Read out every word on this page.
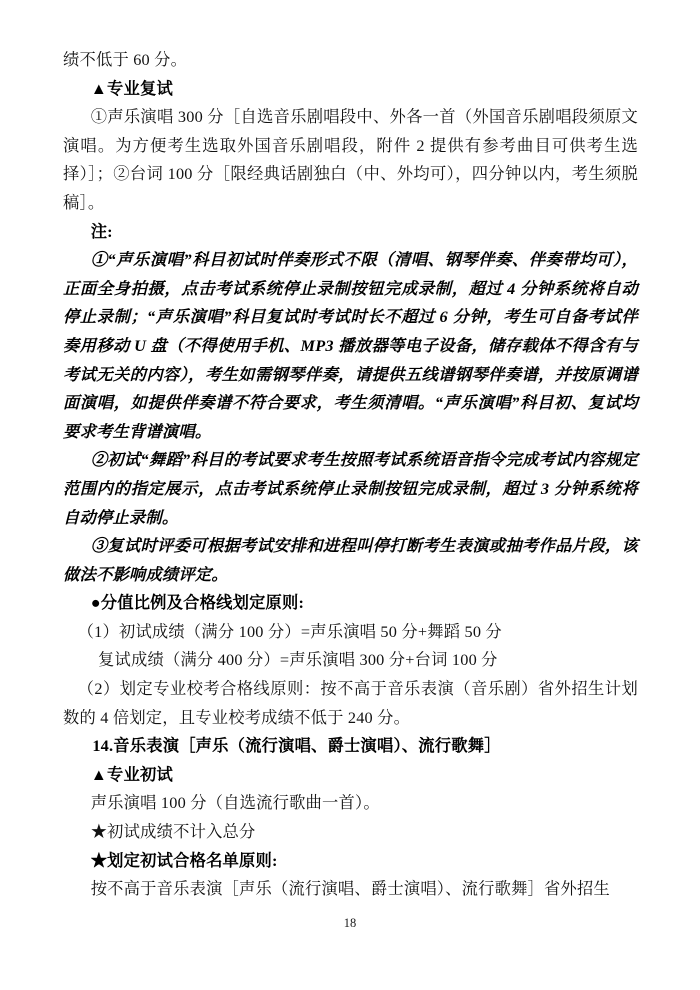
绩不低于 60 分。

▲专业复试

①声乐演唱 300 分［自选音乐剧唱段中、外各一首（外国音乐剧唱段须原文演唱。为方便考生选取外国音乐剧唱段，附件 2 提供有参考曲目可供考生选择）］；②台词 100 分［限经典话剧独白（中、外均可），四分钟以内，考生须脱稿］。

注:

①“声乐演唱”科目初试时伴奏形式不限（清唱、钢琴伴奏、伴奏带均可），正面全身拍摄，点击考试系统停止录制按钮完成录制，超过 4 分钟系统将自动停止录制；“声乐演唱”科目复试时考试时长不超过 6 分钟，考生可自备考试伴奏用移动 U 盘（不得使用手机、MP3 播放器等电子设备，储存载体不得含有与考试无关的内容），考生如需钢琴伴奏，请提供五线谱钢琴伴奏谱，并按原调谱面演唱，如提供伴奏谱不符合要求，考生须清唱。“声乐演唱”科目初、复试均要求考生背谱演唱。

②初试“舞蹈”科目的考试要求考生按照考试系统语音指令完成考试内容规定范围内的指定展示，点击考试系统停止录制按钮完成录制，超过 3 分钟系统将自动停止录制。

③复试时评委可根据考试安排和进程叫停打断考生表演或抽考作品片段，该做法不影响成绩评定。

●分值比例及合格线划定原则:

（1）初试成绩（满分 100 分）=声乐演唱 50 分+舞蹈 50 分

复试成绩（满分 400 分）=声乐演唱 300 分+台词 100 分

（2）划定专业校考合格线原则：按不高于音乐表演（音乐剧）省外招生计划数的 4 倍划定，且专业校考成绩不低于 240 分。

14.音乐表演［声乐（流行演唱、爵士演唱）、流行歌舞］

▲专业初试

声乐演唱 100 分（自选流行歌曲一首）。

★初试成绩不计入总分

★划定初试合格名单原则:

按不高于音乐表演［声乐（流行演唱、爵士演唱）、流行歌舞］省外招生

18
